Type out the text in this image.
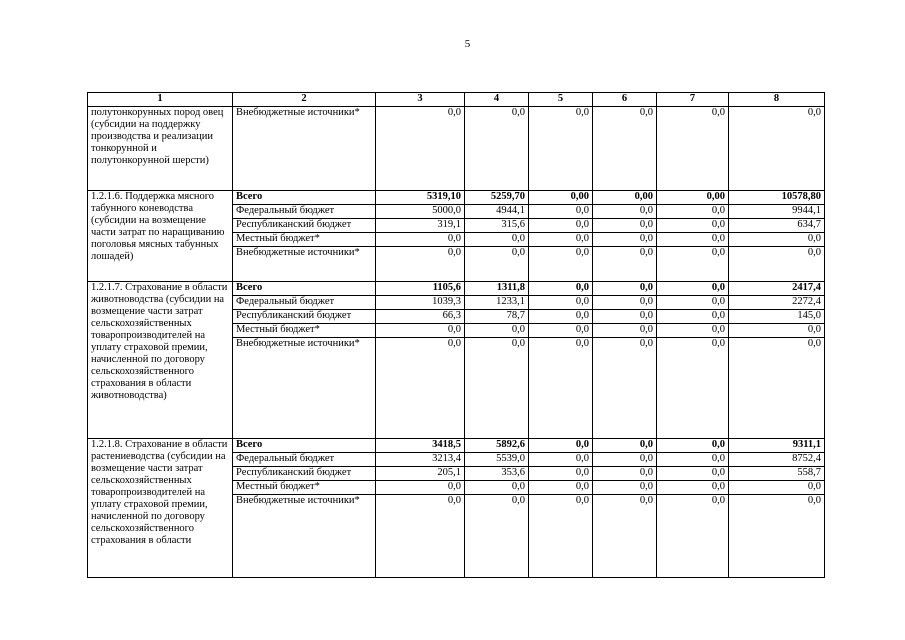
5
1	2	3	4	5	6	7	8
полутонкорунных пород овец (субсидии на поддержку производства и реализации тонкорунной и полутонкорунной шерсти)	Внебюджетные источники*	0,0	0,0	0,0	0,0	0,0	0,0
1.2.1.6. Поддержка мясного табунного коневодства (субсидии на возмещение части затрат по наращиванию поголовья мясных табунных лошадей)	Всего	5319,10	5259,70	0,00	0,00	0,00	10578,80
	Федеральный бюджет	5000,0	4944,1	0,0	0,0	0,0	9944,1
	Республиканский бюджет	319,1	315,6	0,0	0,0	0,0	634,7
	Местный бюджет*	0,0	0,0	0,0	0,0	0,0	0,0
	Внебюджетные источники*	0,0	0,0	0,0	0,0	0,0	0,0
1.2.1.7. Страхование в области животноводства (субсидии на возмещение части затрат сельскохозяйственных товаропроизводителей на уплату страховой премии, начисленной по договору сельскохозяйственного страхования в области животноводства)	Всего	1105,6	1311,8	0,0	0,0	0,0	2417,4
	Федеральный бюджет	1039,3	1233,1	0,0	0,0	0,0	2272,4
	Республиканский бюджет	66,3	78,7	0,0	0,0	0,0	145,0
	Местный бюджет*	0,0	0,0	0,0	0,0	0,0	0,0
	Внебюджетные источники*	0,0	0,0	0,0	0,0	0,0	0,0
1.2.1.8. Страхование в области растениеводства (субсидии на возмещение части затрат сельскохозяйственных товаропроизводителей на уплату страховой премии, начисленной по договору сельскохозяйственного страхования в области	Всего	3418,5	5892,6	0,0	0,0	0,0	9311,1
	Федеральный бюджет	3213,4	5539,0	0,0	0,0	0,0	8752,4
	Республиканский бюджет	205,1	353,6	0,0	0,0	0,0	558,7
	Местный бюджет*	0,0	0,0	0,0	0,0	0,0	0,0
	Внебюджетные источники*	0,0	0,0	0,0	0,0	0,0	0,0
